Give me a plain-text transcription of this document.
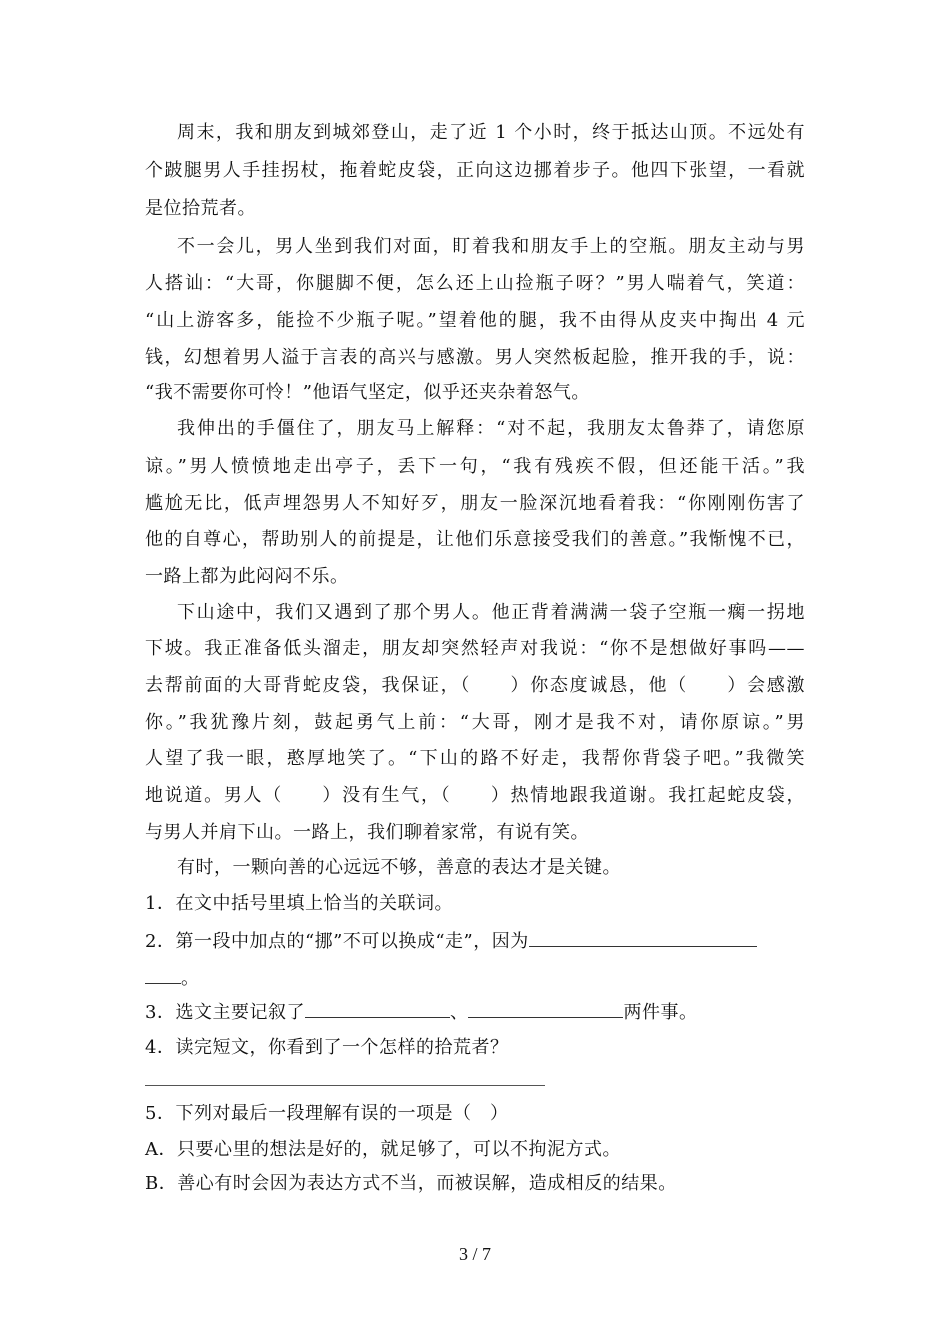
周末，我和朋友到城郊登山，走了近 1 个小时，终于抵达山顶。不远处有
个跛腿男人手挂拐杖，拖着蛇皮袋，正向这边挪着步子。他四下张望，一看就
是位拾荒者。
不一会儿，男人坐到我们对面，盯着我和朋友手上的空瓶。朋友主动与男
人搭讪：“大哥，你腿脚不便，怎么还上山捡瓶子呀？”男人喘着气，笑道：
“山上游客多，能捡不少瓶子呢。”望着他的腿，我不由得从皮夹中掏出 4 元
钱，幻想着男人溢于言表的高兴与感激。男人突然板起脸，推开我的手，说：
“我不需要你可怜！”他语气坚定，似乎还夹杂着怒气。
我伸出的手僵住了，朋友马上解释：“对不起，我朋友太鲁莽了，请您原
谅。”男人愤愤地走出亭子，丢下一句，“我有残疾不假，但还能干活。”我
尴尬无比，低声埋怨男人不知好歹，朋友一脸深沉地看着我：“你刚刚伤害了
他的自尊心，帮助别人的前提是，让他们乐意接受我们的善意。”我惭愧不已，
一路上都为此闷闷不乐。
下山途中，我们又遇到了那个男人。他正背着满满一袋子空瓶一瘸一拐地
下坡。我正准备低头溜走，朋友却突然轻声对我说：“你不是想做好事吗——
去帮前面的大哥背蛇皮袋，我保证，（　　）你态度诚恳，他（　　）会感激
你。”我犹豫片刻，鼓起勇气上前：“大哥，刚才是我不对，请你原谅。”男
人望了我一眼，憨厚地笑了。“下山的路不好走，我帮你背袋子吧。”我微笑
地说道。男人（　　）没有生气，（　　）热情地跟我道谢。我扛起蛇皮袋，
与男人并肩下山。一路上，我们聊着家常，有说有笑。
有时，一颗向善的心远远不够，善意的表达才是关键。
1．在文中括号里填上恰当的关联词。
2．第一段中加点的“挪”不可以换成“走”，因为
。
3．选文主要记叙了	、	两件事。
4．读完短文，你看到了一个怎样的拾荒者？
5．下列对最后一段理解有误的一项是（　）
A．只要心里的想法是好的，就足够了，可以不拘泥方式。
B．善心有时会因为表达方式不当，而被误解，造成相反的结果。
3 / 7
